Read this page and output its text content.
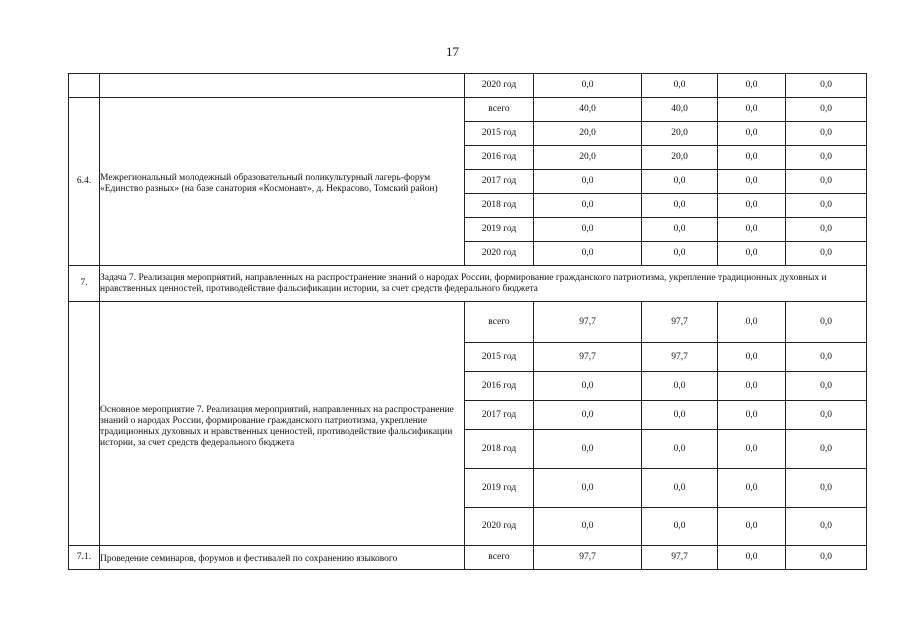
17
		2020 год	0,0	0,0	0,0	0,0
6.4.	Межрегиональный молодежный образовательный поликультурный лагерь-форум «Единство разных» (на базе санатория «Космонавт», д. Некрасово, Томский район)	всего	40,0	40,0	0,0	0,0
		2015 год	20,0	20,0	0,0	0,0
		2016 год	20,0	20,0	0,0	0,0
		2017 год	0,0	0,0	0,0	0,0
		2018 год	0,0	0,0	0,0	0,0
		2019 год	0,0	0,0	0,0	0,0
		2020 год	0,0	0,0	0,0	0,0
7.	Задача 7. Реализация мероприятий, направленных на распространение знаний о народах России, формирование гражданского патриотизма, укрепление традиционных духовных и нравственных ценностей, противодействие фальсификации истории, за счет средств федерального бюджета					
	Основное мероприятие 7. Реализация мероприятий, направленных на распространение знаний о народах России, формирование гражданского патриотизма, укрепление традиционных духовных и нравственных ценностей, противодействие фальсификации истории, за счет средств федерального бюджета	всего	97,7	97,7	0,0	0,0
		2015 год	97,7	97,7	0,0	0,0
		2016 год	0,0	0,0	0,0	0,0
		2017 год	0,0	0,0	0,0	0,0
		2018 год	0,0	0,0	0,0	0,0
		2019 год	0,0	0,0	0,0	0,0
		2020 год	0,0	0,0	0,0	0,0
7.1.	Проведение семинаров, форумов и фестивалей по сохранению языкового	всего	97,7	97,7	0,0	0,0
